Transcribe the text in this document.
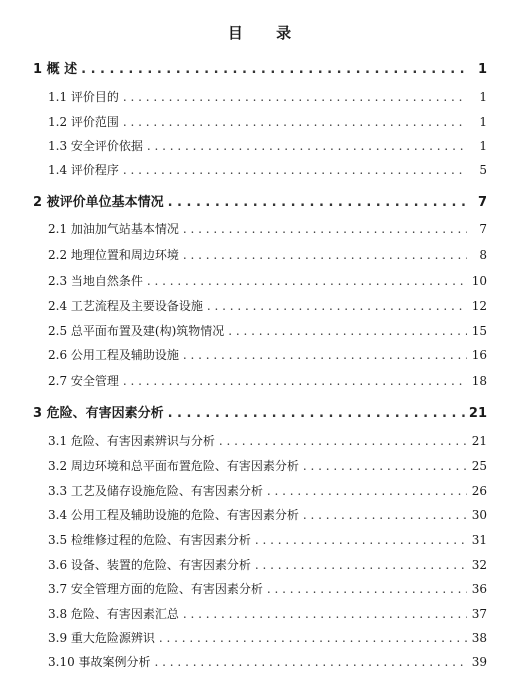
目 录
1 概 述 . . .	1
1.1 评价目的 . . .	1
1.2 评价范围 . . .	1
1.3 安全评价依据 . . .	1
1.4 评价程序 . . .	5
2 被评价单位基本情况 . . .	7
2.1 加油加气站基本情况 . . .	7
2.2 地理位置和周边环境 . . .	8
2.3 当地自然条件 . . .	10
2.4 工艺流程及主要设备设施 . . .	12
2.5 总平面布置及建(构)筑物情况 . . .	15
2.6 公用工程及辅助设施 . . .	16
2.7 安全管理 . . .	18
3 危险、有害因素分析 . . .	21
3.1 危险、有害因素辨识与分析 . . .	21
3.2 周边环境和总平面布置危险、有害因素分析 . . .	25
3.3 工艺及储存设施危险、有害因素分析 . . .	26
3.4 公用工程及辅助设施的危险、有害因素分析 . . .	30
3.5 检维修过程的危险、有害因素分析 . . .	31
3.6 设备、装置的危险、有害因素分析 . . .	32
3.7 安全管理方面的危险、有害因素分析 . . .	36
3.8 危险、有害因素汇总 . . .	37
3.9 重大危险源辨识 . . .	38
3.10 事故案例分析 . . .	39
